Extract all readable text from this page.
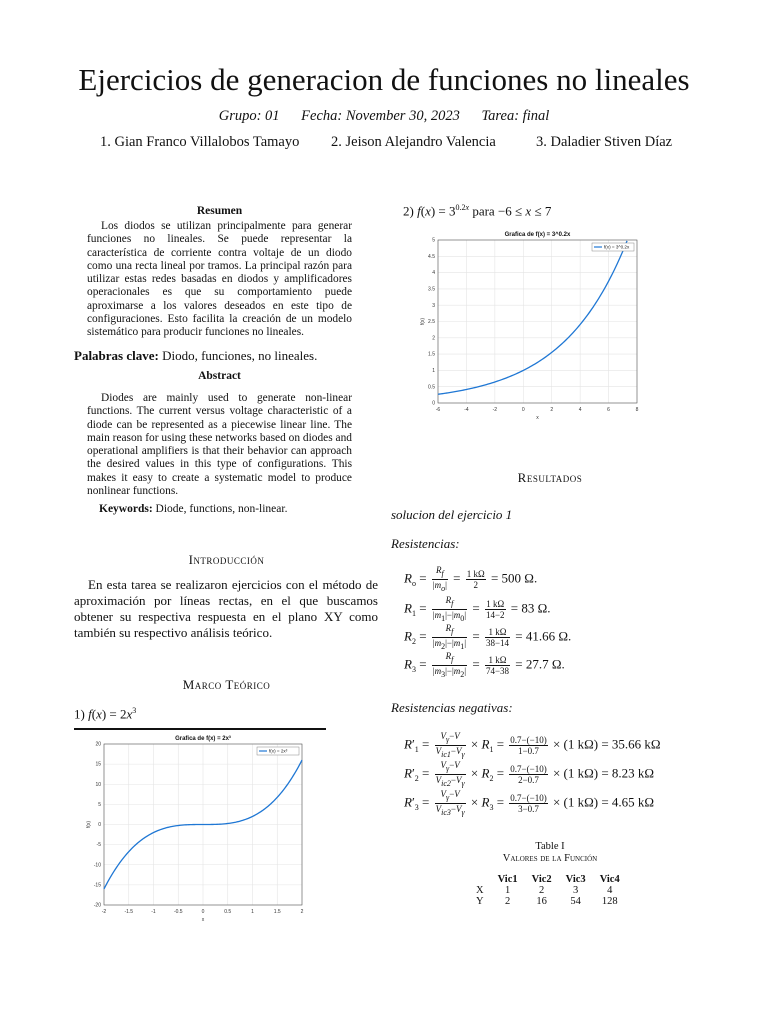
Ejercicios de generacion de funciones no lineales
Grupo: 01 Fecha: November 30, 2023 Tarea: final
1. Gian Franco Villalobos Tamayo 2. Jeison Alejandro Valencia	3. Daladier Stiven Díaz
Resumen
Los diodos se utilizan principalmente para generar funciones no lineales. Se puede representar la característica de corriente contra voltaje de un diodo como una recta lineal por tramos. La principal razón para utilizar estas redes basadas en diodos y amplificadores operacionales es que su comportamiento puede aproximarse a los valores deseados en este tipo de configuraciones. Esto facilita la creación de un modelo sistemático para producir funciones no lineales.
Palabras clave: Diodo, funciones, no lineales.
Abstract
Diodes are mainly used to generate non-linear functions. The current versus voltage characteristic of a diode can be represented as a piecewise linear line. The main reason for using these networks based on diodes and operational amplifiers is that their behavior can approach the desired values in this type of configurations. This makes it easy to create a systematic model to produce nonlinear functions.
Keywords: Diode, functions, non-line​ar.
Introducción
En esta tarea se realizaron ejercicios con el método de aproximación por líneas rectas, en el que buscamos obtener su respectiva respuesta en el plano XY como también su respectivo análisis teórico.
Marco Teórico
1) $f(x) = 2x^3$
-2	-1.5	-1	-0.5	0	0.5	1	1.5	2
20
15
10
5
0
-5
-10
-15
-20
Grafica de f(x) = 2x³
x
f(x)
f(x) = 2x³
2) $f(x) = 3^{0.2x}$ para −6 ≤ x ≤ 7
-6	-4	-2	0	2	4	6	8
5
4.5
4
3.5
3
2.5
2
1.5
1
0.5
0
Grafica de f(x) = 3^0.2x
x
f(x)
f(x) = 3^0.2x
Resultados
solucion del ejercicio 1
Resistencias:
$R_o = \frac{R_f}{|m_o|} = \frac{1 k\Omega}{2} = 500$ Ω.
$R_1 = \frac{R_f}{|m_1|-|m_0|} = \frac{1 k\Omega}{14-2} = 83$ Ω.
$R_2 = \frac{R_f}{|m_2|-|m_1|} = \frac{1 k\Omega}{38-14} = 41.66$ Ω.
$R_3 = \frac{R_f}{|m_3|-|m_2|} = \frac{1 k\Omega}{74-38} = 27.7$ Ω.
Resistencias negativas:
$R'_1 = \frac{V_\gamma-V}{V_{ic1}-V_\gamma} \times R_1 = \frac{0.7-(-10)}{1-0.7} \times (1$ kΩ) = 35.66 kΩ
$R'_2 = \frac{V_\gamma-V}{V_{ic2}-V_\gamma} \times R_2 = \frac{0.7-(-10)}{2-0.7} \times (1$ kΩ) = 8.23 kΩ
$R'_3 = \frac{V_\gamma-V}{V_{ic3}-V_\gamma} \times R_3 = \frac{0.7-(-10)}{3-0.7} \times (1$ kΩ) = 4.65 kΩ
Table I
Valores de la Función
	Vic1	Vic2	Vic3	Vic4
X	1	2	3	4
Y	2	16	54	128
